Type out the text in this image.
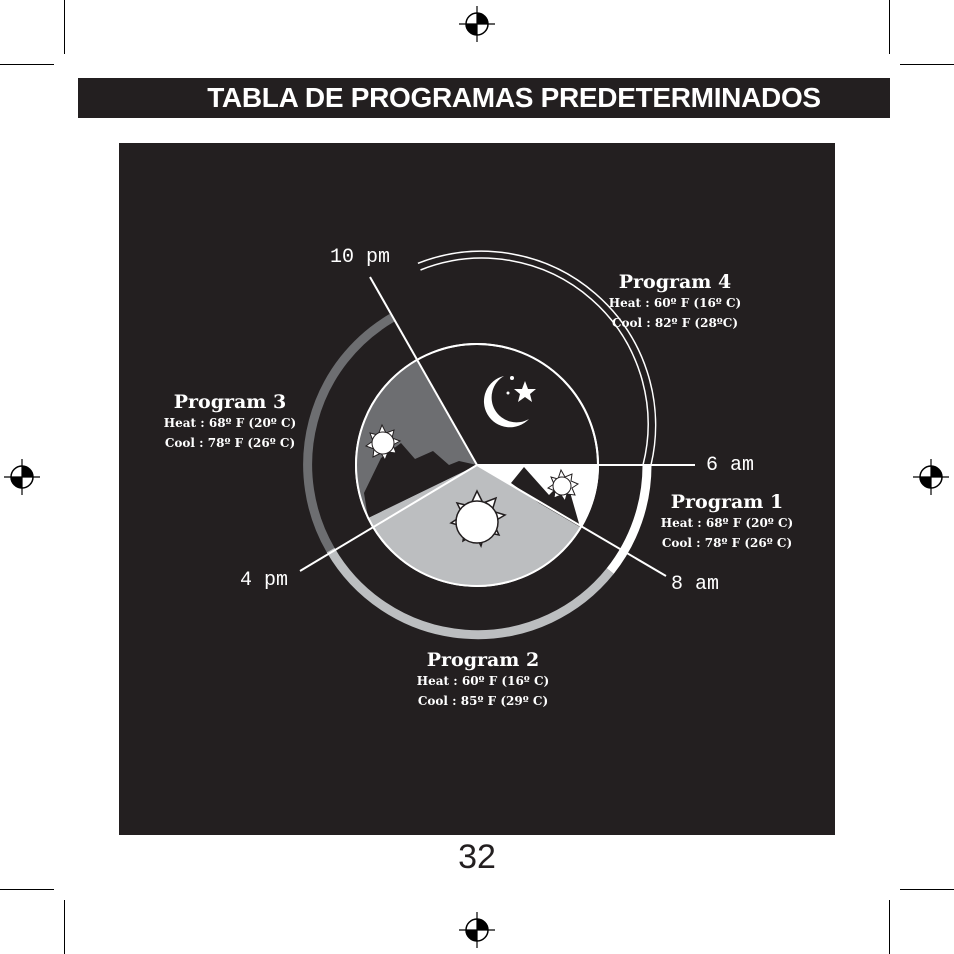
TABLA DE PROGRAMAS PREDETERMINADOS
10 pm
6 am
8 am
4 pm
Program 4
Heat : 60º F (16º C)
Cool : 82º F (28ºC)
Program 3
Heat : 68º F (20º C)
Cool : 78º F (26º C)
Program 1
Heat : 68º F (20º C)
Cool : 78º F (26º C)
Program 2
Heat : 60º F (16º C)
Cool : 85º F (29º C)
32
